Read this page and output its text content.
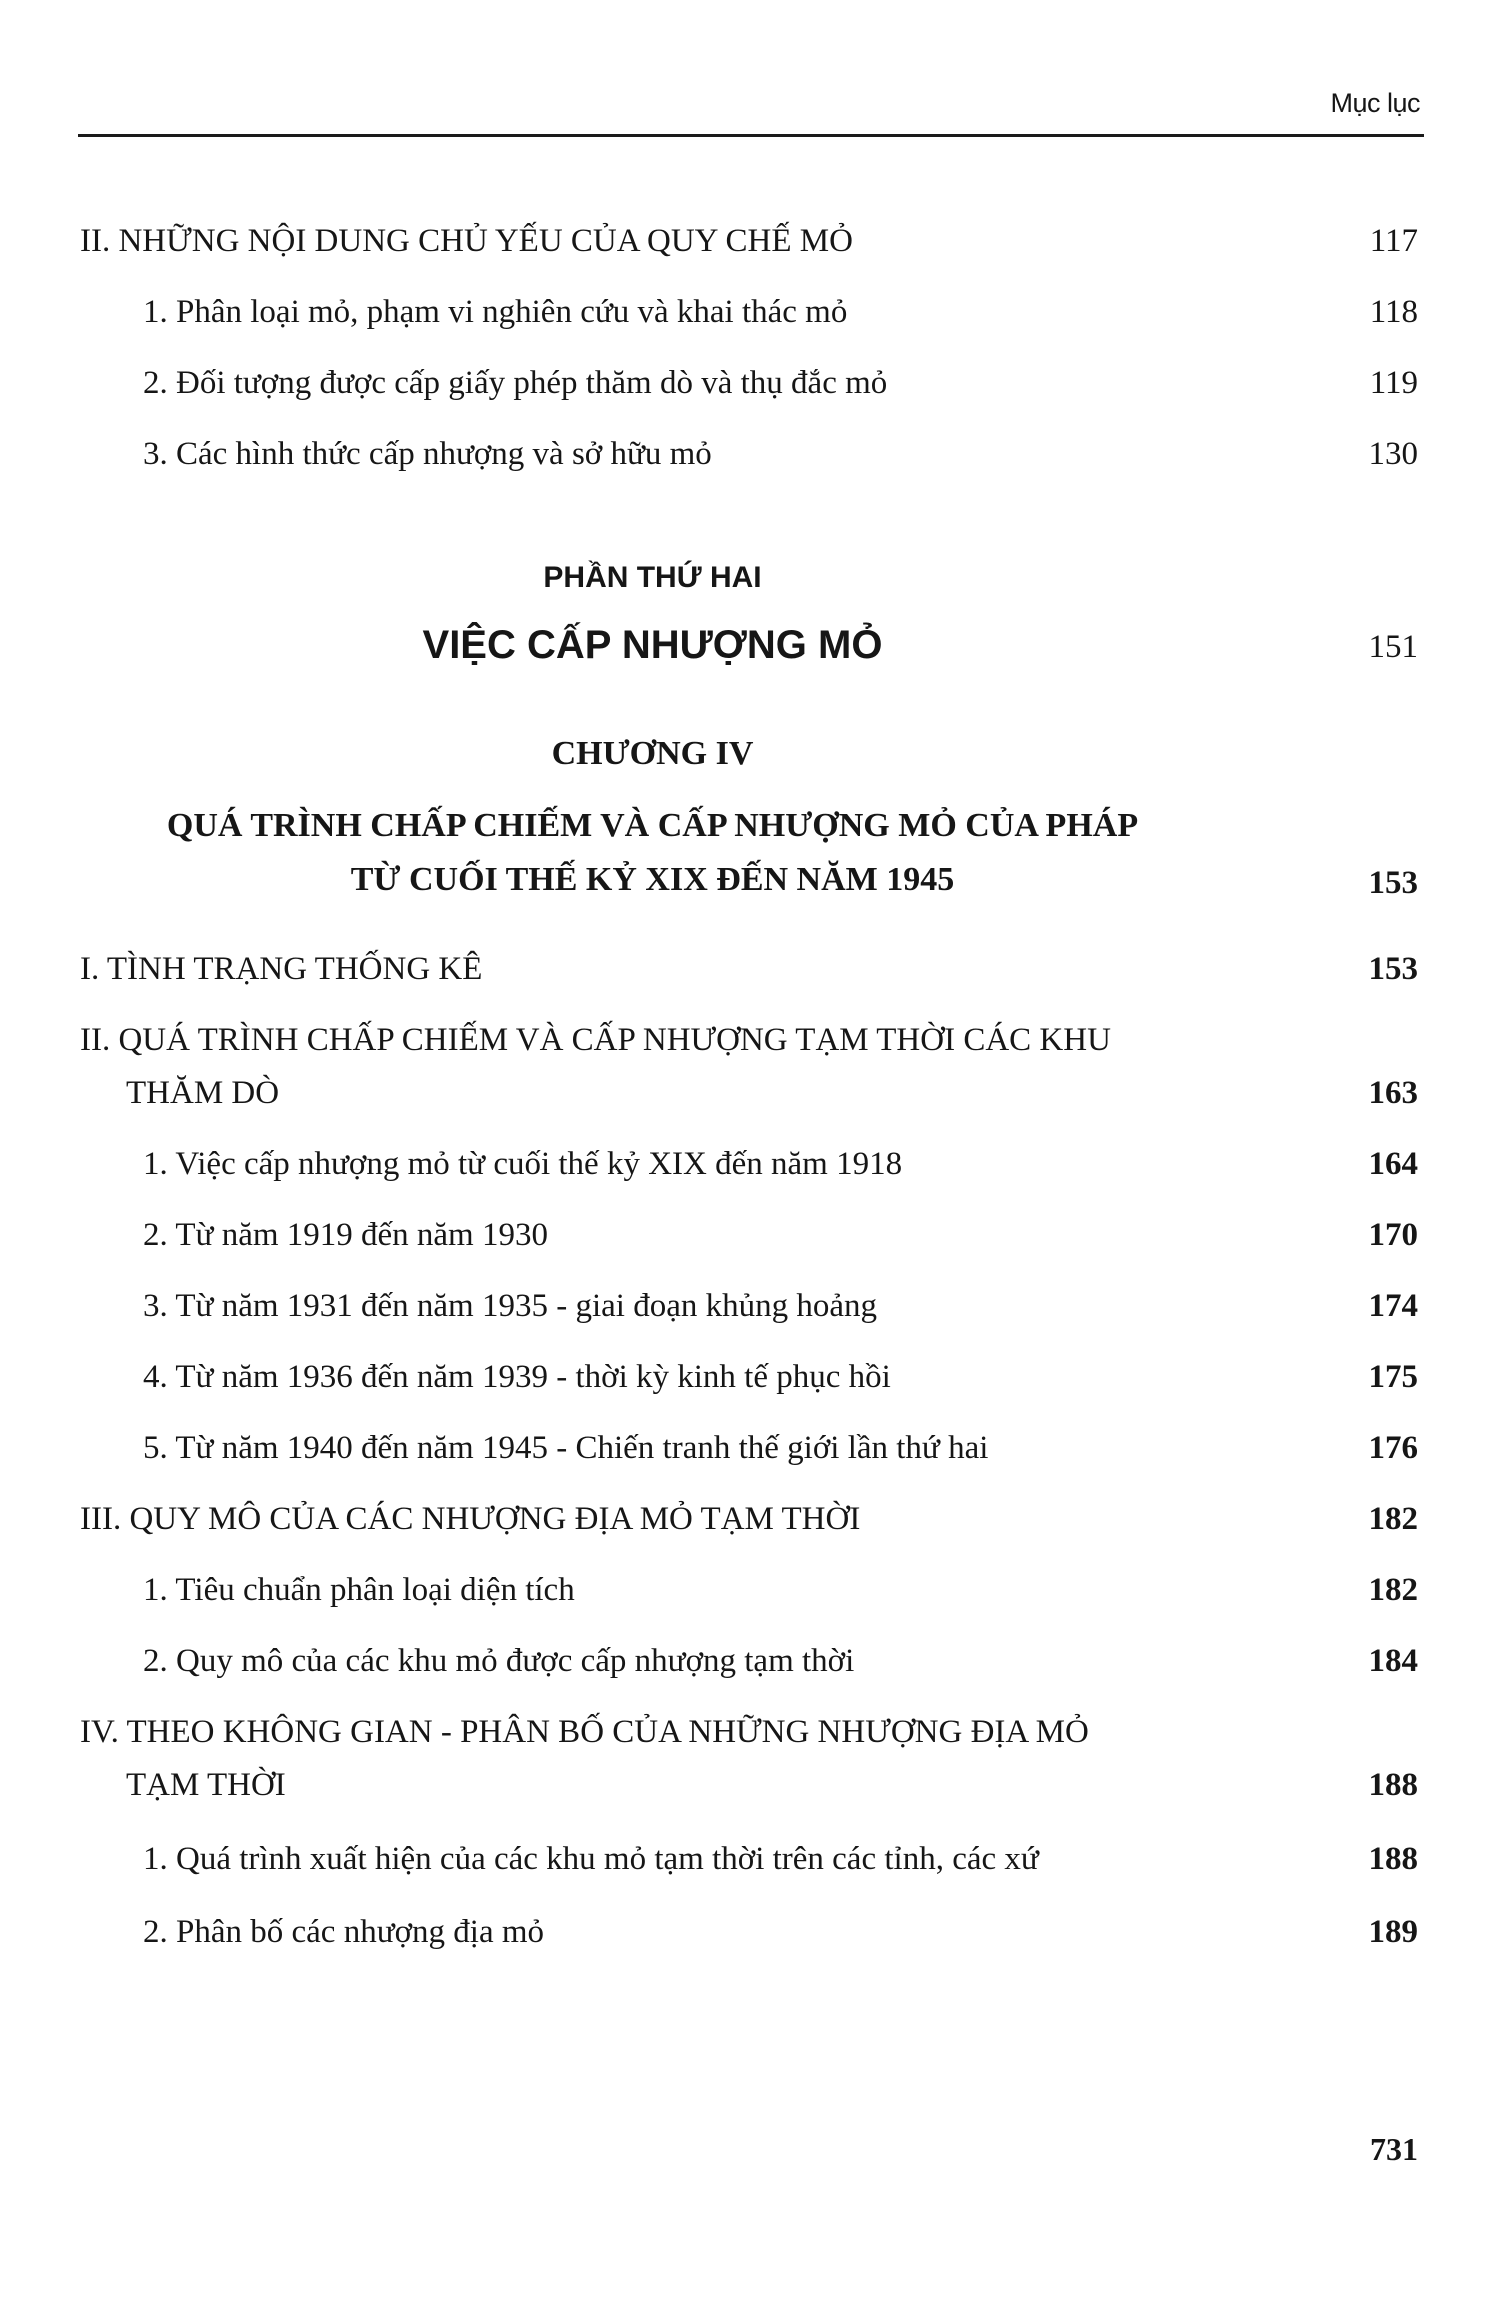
Mục lục
II. NHỮNG NỘI DUNG CHỦ YẾU CỦA QUY CHẾ MỎ	117
1. Phân loại mỏ, phạm vi nghiên cứu và khai thác mỏ	118
2. Đối tượng được cấp giấy phép thăm dò và thụ đắc mỏ	119
3. Các hình thức cấp nhượng và sở hữu mỏ	130
PHẦN THỨ HAI
VIỆC CẤP NHƯỢNG MỎ	151
CHƯƠNG IV
QUÁ TRÌNH CHẤP CHIẾM VÀ CẤP NHƯỢNG MỎ CỦA PHÁP
TỪ CUỐI THẾ KỶ XIX ĐẾN NĂM 1945	153
I. TÌNH TRẠNG THỐNG KÊ	153
II. QUÁ TRÌNH CHẤP CHIẾM VÀ CẤP NHƯỢNG TẠM THỜI CÁC KHU
THĂM DÒ	163
1. Việc cấp nhượng mỏ từ cuối thế kỷ XIX đến năm 1918	164
2. Từ năm 1919 đến năm 1930	170
3. Từ năm 1931 đến năm 1935 - giai đoạn khủng hoảng	174
4. Từ năm 1936 đến năm 1939 - thời kỳ kinh tế phục hồi	175
5. Từ năm 1940 đến năm 1945 - Chiến tranh thế giới lần thứ hai	176
III. QUY MÔ CỦA CÁC NHƯỢNG ĐỊA MỎ TẠM THỜI	182
1. Tiêu chuẩn phân loại diện tích	182
2. Quy mô của các khu mỏ được cấp nhượng tạm thời	184
IV. THEO KHÔNG GIAN - PHÂN BỐ CỦA NHỮNG NHƯỢNG ĐỊA MỎ
TẠM THỜI	188
1. Quá trình xuất hiện của các khu mỏ tạm thời trên các tỉnh, các xứ	188
2. Phân bố các nhượng địa mỏ	189
731
